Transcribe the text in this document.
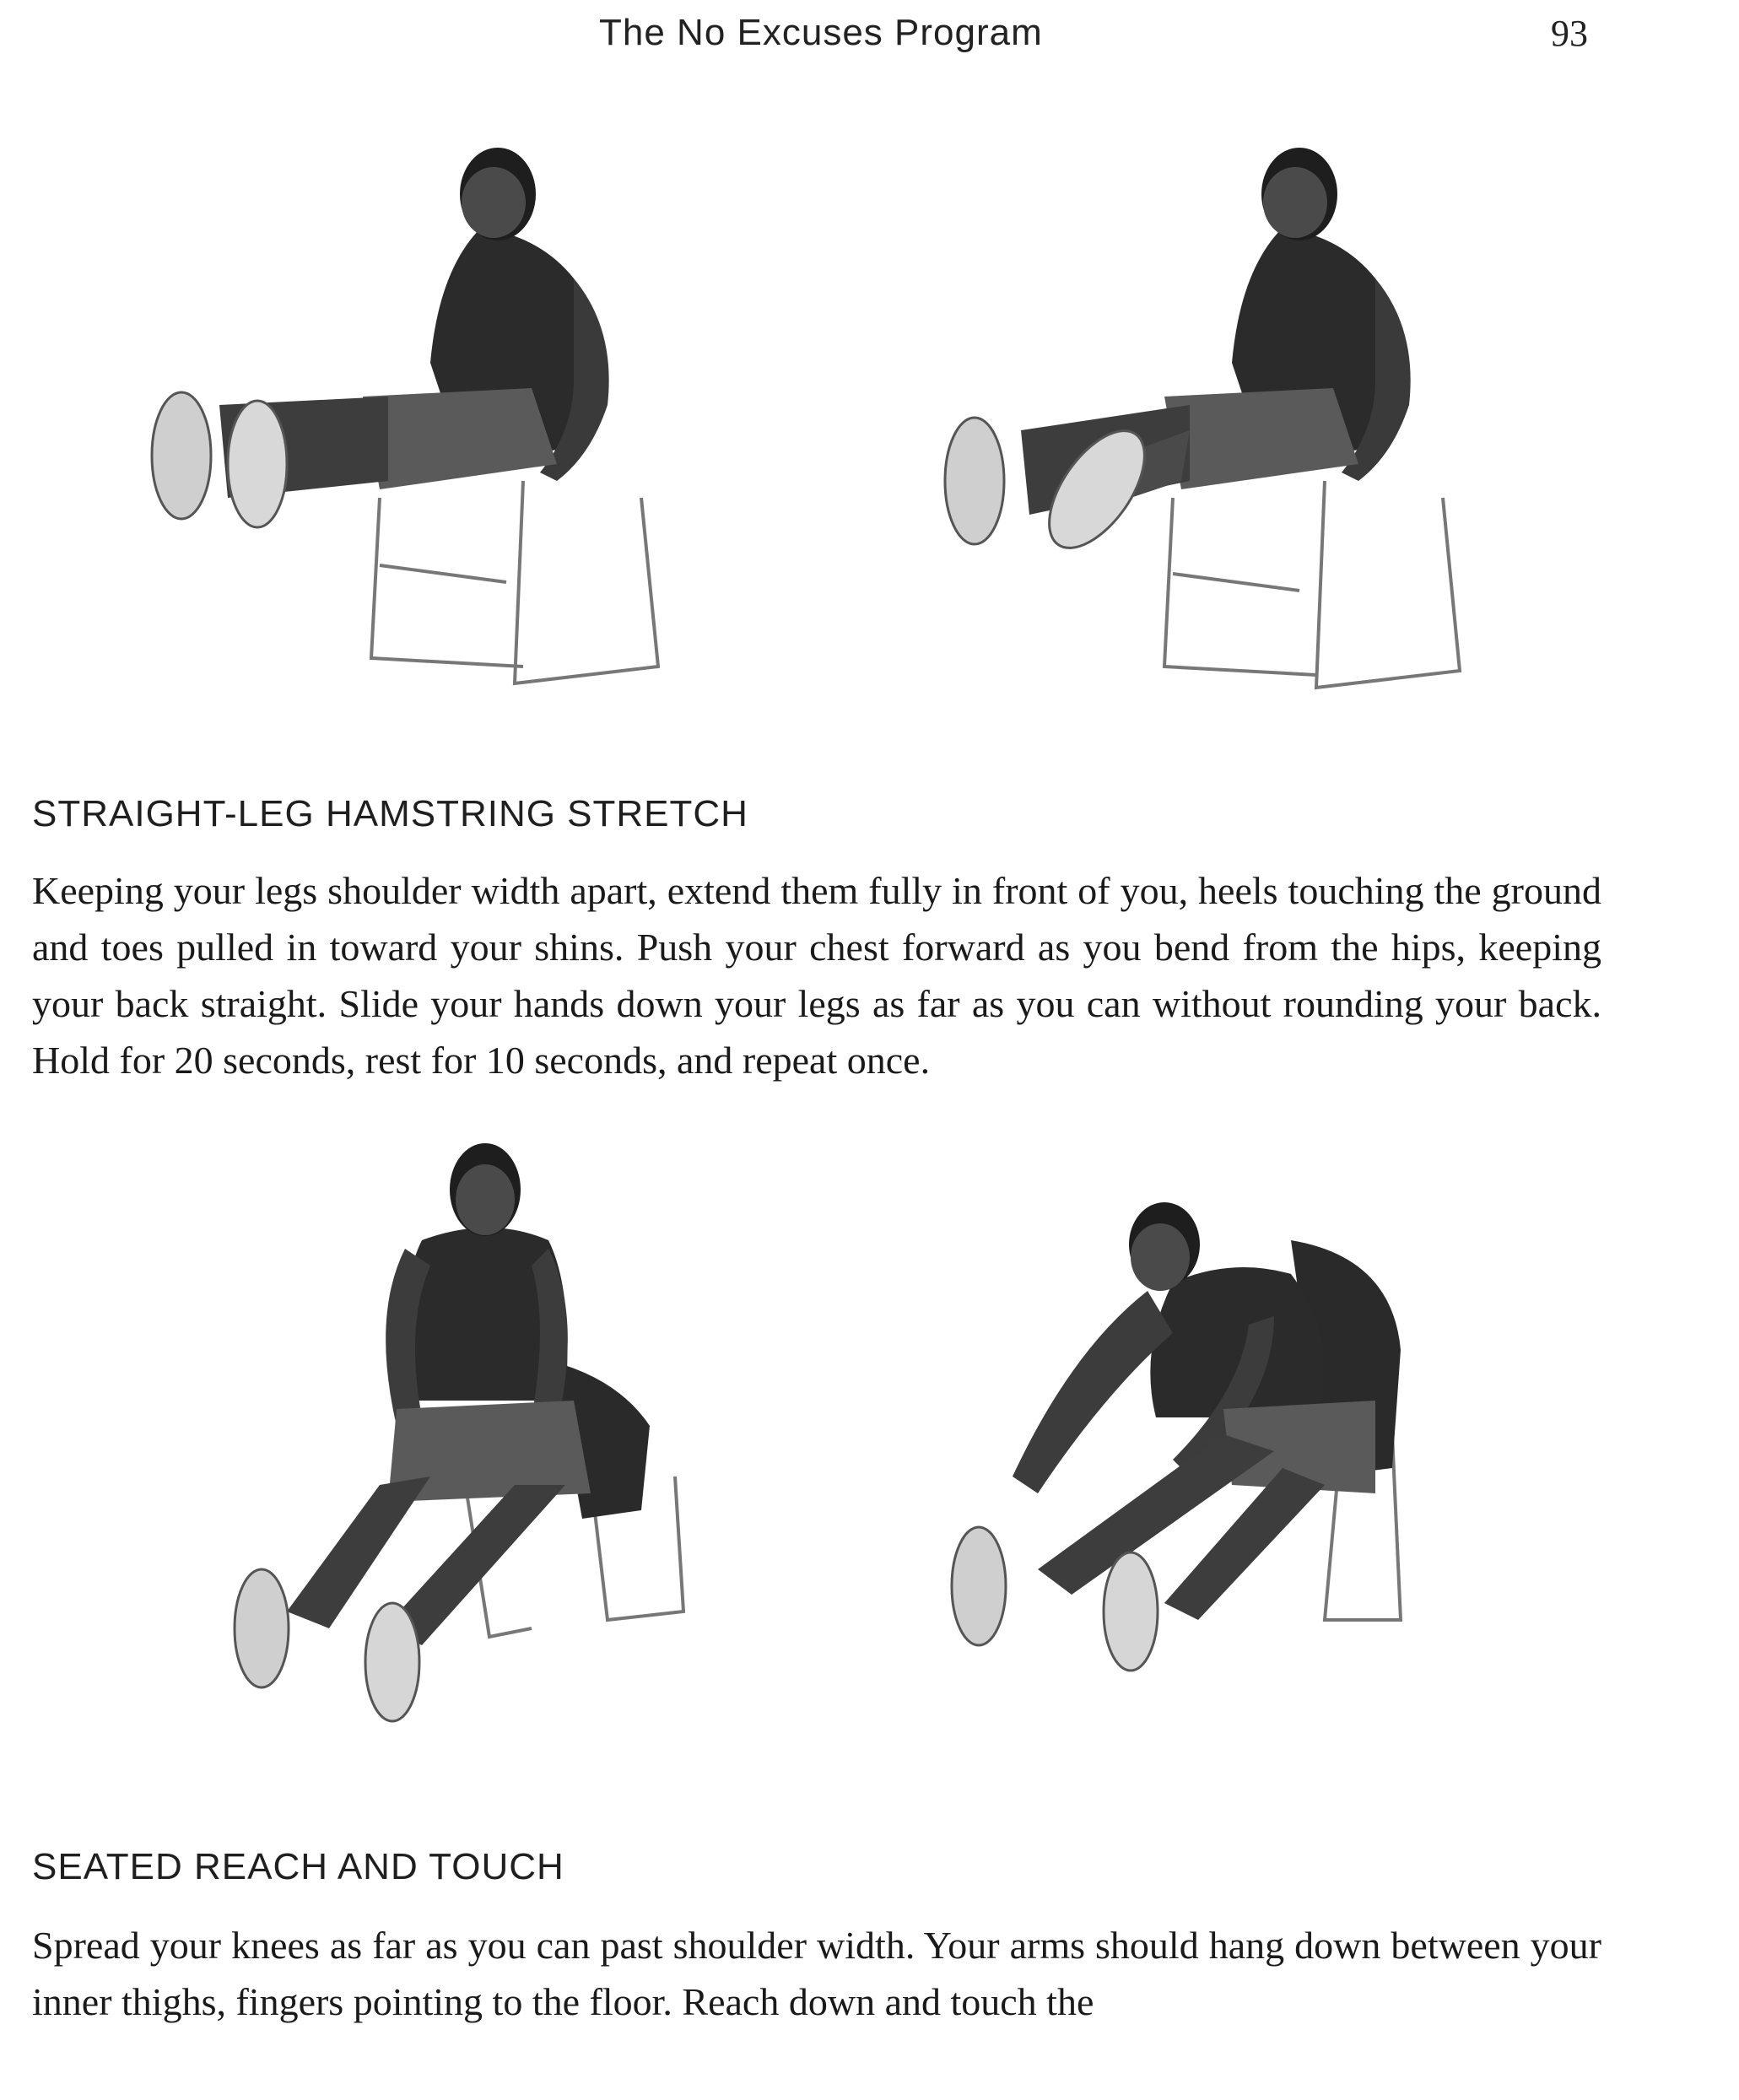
The No Excuses Program	93
STRAIGHT-LEG HAMSTRING STRETCH

Keeping your legs shoulder width apart, extend them fully in front of you, heels touching the ground and toes pulled in toward your shins. Push your chest forward as you bend from the hips, keeping your back straight. Slide your hands down your legs as far as you can without rounding your back. Hold for 20 seconds, rest for 10 seconds, and repeat once.

SEATED REACH AND TOUCH

Spread your knees as far as you can past shoulder width. Your arms should hang down between your inner thighs, fingers pointing to the floor. Reach down and touch the
